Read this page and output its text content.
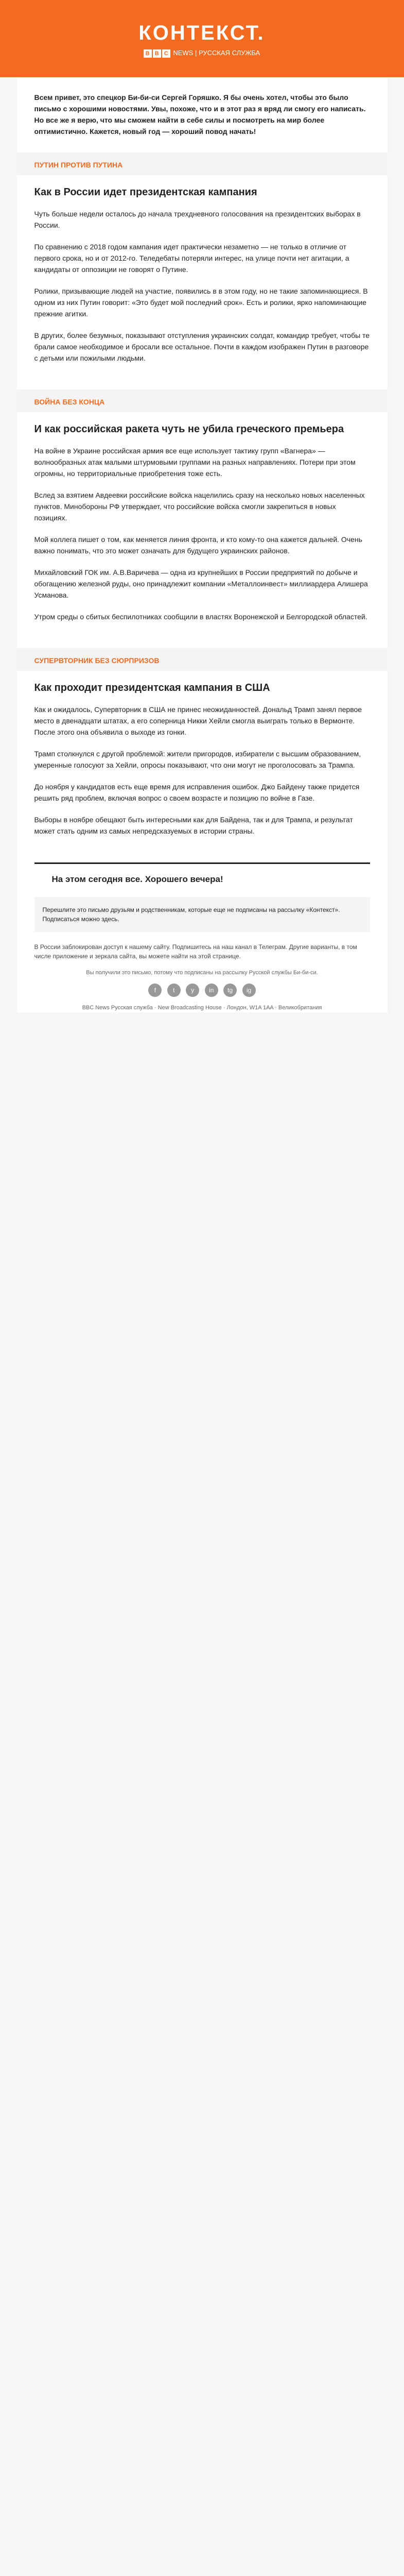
КОНТЕКСТ.
B B C NEWS | РУССКАЯ СЛУЖБА
Всем привет, это спецкор Би-би-си Сергей Горяшко. Я бы очень хотел, чтобы это было письмо с хорошими новостями. Увы, похоже, что и в этот раз я вряд ли смогу его написать. Но все же я верю, что мы сможем найти в себе силы и посмотреть на мир более оптимистично. Кажется, новый год — хороший повод начать!
ПУТИН ПРОТИВ ПУТИНА
Как в России идет президентская кампания

Чуть больше недели осталось до начала трехдневного голосования на президентских выборах в России.

По сравнению с 2018 годом кампания идет практически незаметно — не только в отличие от первого срока, но и от 2012-го. Теледебаты потеряли интерес, на улице почти нет агитации, а кандидаты от оппозиции не говорят о Путине.

Ролики, призывающие людей на участие, появились в в этом году, но не такие запоминающиеся. В одном из них Путин говорит: «Это будет мой последний срок». Есть и ролики, ярко напоминающие прежние агитки.

В других, более безумных, показывают отступления украинских солдат, командир требует, чтобы те брали самое необходимое и бросали все остальное. Почти в каждом изображен Путин в разговоре с детьми или пожилыми людьми.

ВОЙНА БЕЗ КОНЦА
И как российская ракета чуть не убила греческого премьера

На войне в Украине российская армия все еще использует тактику групп «Вагнера» — волнообразных атак малыми штурмовыми группами на разных направлениях. Потери при этом огромны, но территориальные приобретения тоже есть.

Вслед за взятием Авдеевки российские войска нацелились сразу на несколько новых населенных пунктов. Минобороны РФ утверждает, что российские войска смогли закрепиться в новых позициях.

Мой коллега пишет о том, как меняется линия фронта, и кто кому-то она кажется дальней. Очень важно понимать, что это может означать для будущего украинских районов.

Михайловский ГОК им. А.В.Варичева — одна из крупнейших в России предприятий по добыче и обогащению железной руды, оно принадлежит компании «Металлоинвест» миллиардера Алишера Усманова.

Утром среды о сбитых беспилотниках сообщили в властях Воронежской и Белгородской областей.

СУПЕРВТОРНИК БЕЗ СЮРПРИЗОВ
Как проходит президентская кампания в США

Как и ожидалось, Супервторник в США не принес неожиданностей. Дональд Трамп занял первое место в двенадцати штатах, а его соперница Никки Хейли смогла выиграть только в Вермонте. После этого она объявила о выходе из гонки.

Трамп столкнулся с другой проблемой: жители пригородов, избиратели с высшим образованием, умеренные голосуют за Хейли, опросы показывают, что они могут не проголосовать за Трампа.

До ноября у кандидатов есть еще время для исправления ошибок. Джо Байдену также придется решить ряд проблем, включая вопрос о своем возрасте и позицию по войне в Газе.

Выборы в ноябре обещают быть интересными как для Байдена, так и для Трампа, и результат может стать одним из самых непредсказуемых в истории страны.

На этом сегодня все. Хорошего вечера!
Перешлите это письмо друзьям и родственникам, которые еще не подписаны на рассылку «Контекст». Подписаться можно здесь.
В России заблокирован доступ к нашему сайту. Подпишитесь на наш канал в Телеграм. Другие варианты, в том числе приложение и зеркала сайта, вы можете найти на этой странице.
Вы получили это письмо, потому что подписаны на рассылку Русской службы Би-би-си.
f	t	y in tg ig
BBC News Русская служба · New Broadcasting House · Лондон, W1A 1AA · Великобритания
